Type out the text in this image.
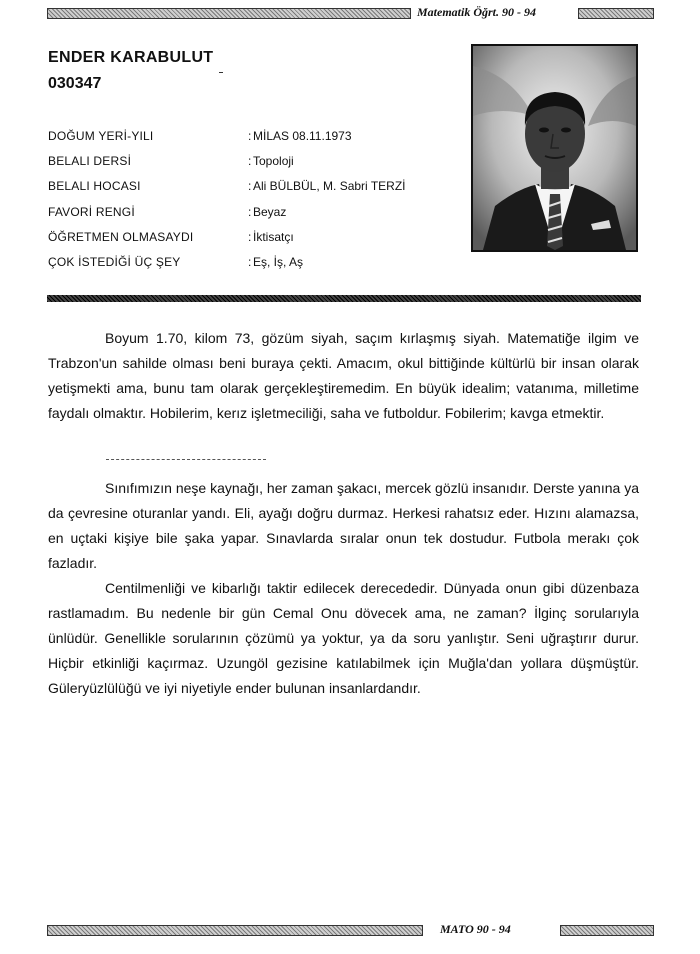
Matematik Öğrt. 90 - 94
ENDER KARABULUT
030347
DOĞUM YERİ-YILI	: MİLAS 08.11.1973
BELALI DERSİ	: Topoloji
BELALI HOCASI	: Ali BÜLBÜL, M. Sabri TERZİ
FAVORİ RENGİ	: Beyaz
ÖĞRETMEN OLMASAYDI	: İktisatçı
ÇOK İSTEDİĞİ ÜÇ ŞEY	: Eş, İş, Aş

Boyum 1.70, kilom 73, gözüm siyah, saçım kırlaşmış siyah. Matematiğe ilgim ve Trabzon'un sahilde olması beni buraya çekti. Amacım, okul bittiğinde kültürlü bir insan olarak yetişmekti ama, bunu tam olarak gerçekleştiremedim. En büyük idealim; vatanıma, milletime faydalı olmaktır. Hobilerim, kerız işletmeciliği, saha ve futboldur. Fobilerim; kavga etmektir.

Sınıfımızın neşe kaynağı, her zaman şakacı, mercek gözlü insanıdır. Derste yanına ya da çevresine oturanlar yandı. Eli, ayağı doğru durmaz. Herkesi rahatsız eder. Hızını alamazsa, en uçtaki kişiye bile şaka yapar. Sınavlarda sıralar onun tek dostudur. Futbola merakı çok fazladır.

Centilmenliği ve kibarlığı taktir edilecek derecededir. Dünyada onun gibi düzenbaza rastlamadım. Bu nedenle bir gün Cemal Onu dövecek ama, ne zaman? İlginç sorularıyla ünlüdür. Genellikle sorularının çözümü ya yoktur, ya da soru yanlıştır. Seni uğraştırır durur. Hiçbir etkinliği kaçırmaz. Uzungöl gezisine katılabilmek için Muğla'dan yollara düşmüştür. Güleryüzlülüğü ve iyi niyetiyle ender bulunan insanlardandır.

MATO 90 - 94
